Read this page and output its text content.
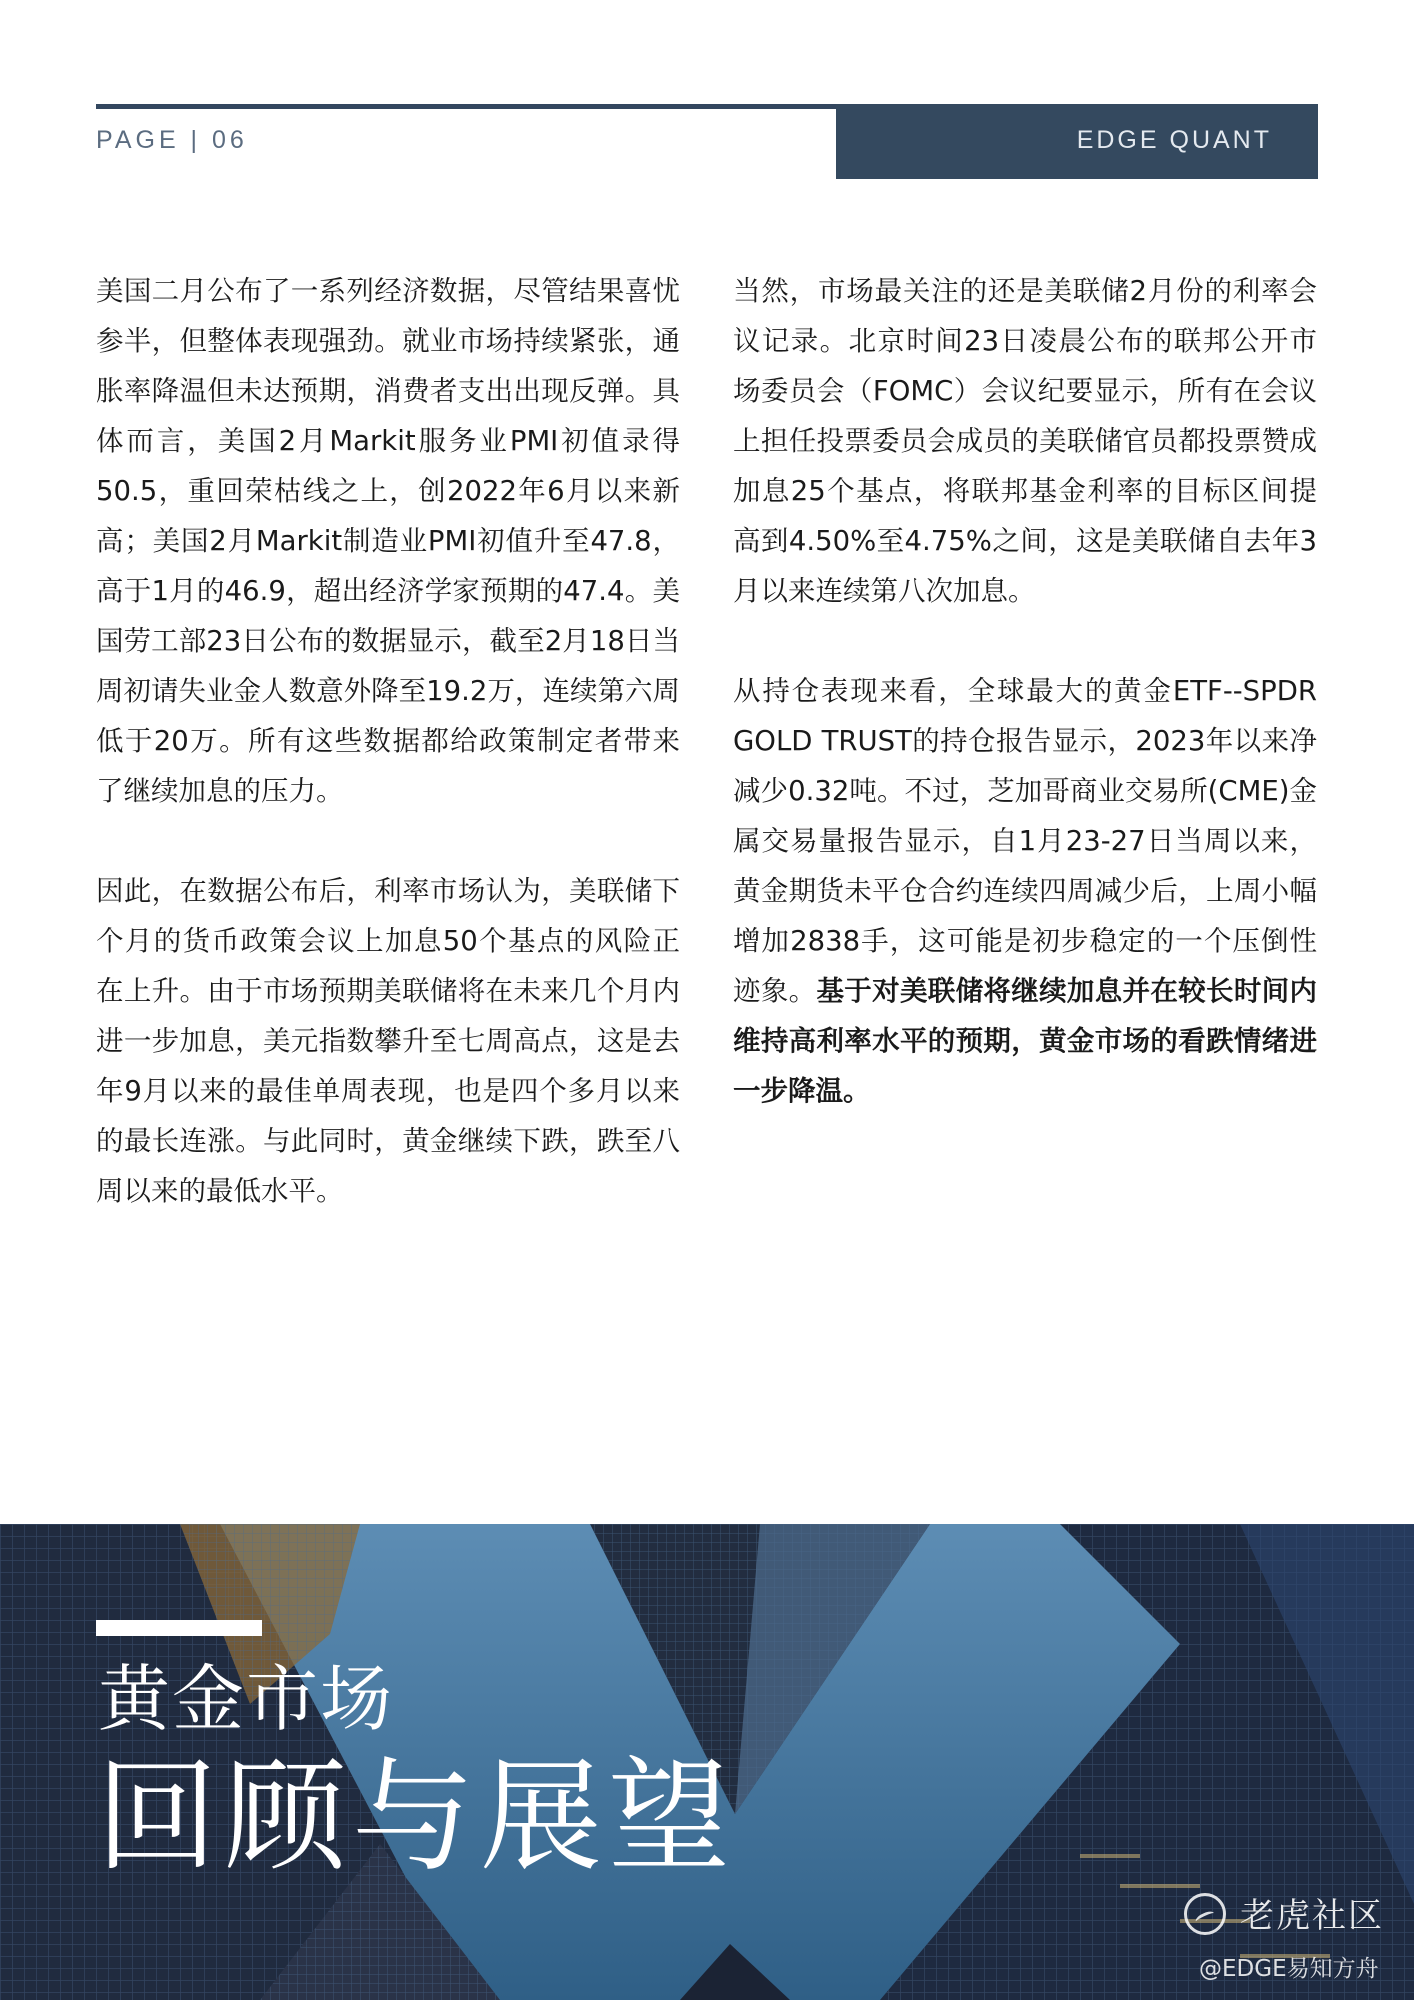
PAGE | 06	EDGE QUANT

美国二月公布了一系列经济数据，尽管结果喜忧参半，但整体表现强劲。就业市场持续紧张，通胀率降温但未达预期，消费者支出出现反弹。具体而言，美国2月Markit服务业PMI初值录得50.5，重回荣枯线之上，创2022年6月以来新高；美国2月Markit制造业PMI初值升至47.8，高于1月的46.9，超出经济学家预期的47.4。美国劳工部23日公布的数据显示，截至2月18日当周初请失业金人数意外降至19.2万，连续第六周低于20万。所有这些数据都给政策制定者带来了继续加息的压力。

因此，在数据公布后，利率市场认为，美联储下个月的货币政策会议上加息50个基点的风险正在上升。由于市场预期美联储将在未来几个月内进一步加息，美元指数攀升至七周高点，这是去年9月以来的最佳单周表现，也是四个多月以来的最长连涨。与此同时，黄金继续下跌，跌至八周以来的最低水平。

当然，市场最关注的还是美联储2月份的利率会议记录。北京时间23日凌晨公布的联邦公开市场委员会（FOMC）会议纪要显示，所有在会议上担任投票委员会成员的美联储官员都投票赞成加息25个基点，将联邦基金利率的目标区间提高到4.50%至4.75%之间，这是美联储自去年3月以来连续第八次加息。

从持仓表现来看，全球最大的黄金ETF--SPDR GOLD TRUST的持仓报告显示，2023年以来净减少0.32吨。不过，芝加哥商业交易所(CME)金属交易量报告显示，自1月23-27日当周以来，黄金期货未平仓合约连续四周减少后，上周小幅增加2838手，这可能是初步稳定的一个压倒性迹象。基于对美联储将继续加息并在较长时间内维持高利率水平的预期，黄金市场的看跌情绪进一步降温。

黄金市场
回顾与展望
老虎社区
@EDGE易知方舟
